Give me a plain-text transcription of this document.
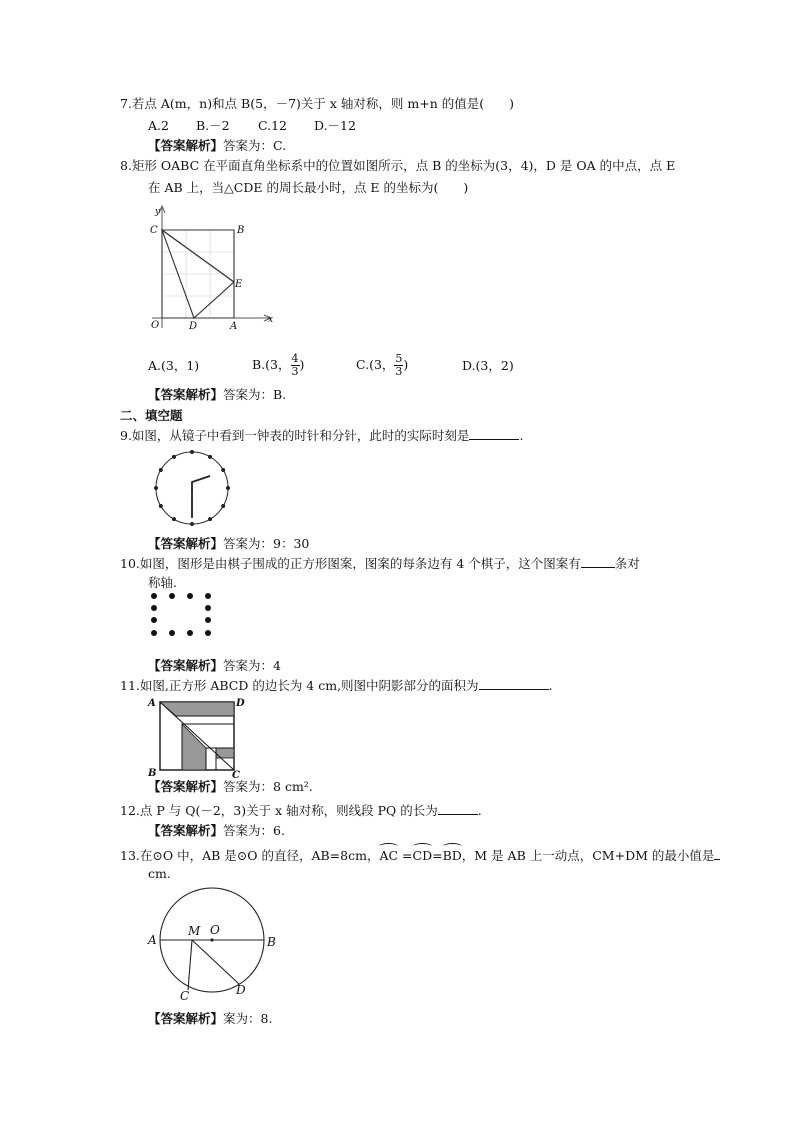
7.若点 A(m，n)和点 B(5，－7)关于 x 轴对称，则 m+n 的值是(　　)
A.2 B.－2 C.12 D.－12
【答案解析】答案为：C.
8.矩形 OABC 在平面直角坐标系中的位置如图所示，点 B 的坐标为(3，4)，D 是 OA 的中点，点 E
在 AB 上，当△CDE 的周长最小时，点 E 的坐标为(　　)
y
x
C	B
E
O	D	A
A.(3，1)	B.(3， $\frac{4}{3}$ )	C.(3， $\frac{5}{3}$ )	D.(3，2)
【答案解析】答案为：B.
二、填空题
9.如图，从镜子中看到一钟表的时针和分针，此时的实际时刻是	.
【答案解析】答案为：9：30
10.如图，图形是由棋子围成的正方形图案，图案的每条边有 4 个棋子，这个图案有	条对
称轴.
【答案解析】答案为：4
11.如图,正方形 ABCD 的边长为 4 cm,则图中阴影部分的面积为	.
A	D
B	C
【答案解析】答案为：8 cm².
12.点 P 与 Q(－2，3)关于 x 轴对称，则线段 PQ 的长为	.
【答案解析】答案为：6.
13.在⊙O 中，AB 是⊙O 的直径，AB=8cm，AC =CD=BD，M 是 AB 上一动点，CM+DM 的最小值是
cm.
A
M O
B
C	D
【答案解析】案为：8.
